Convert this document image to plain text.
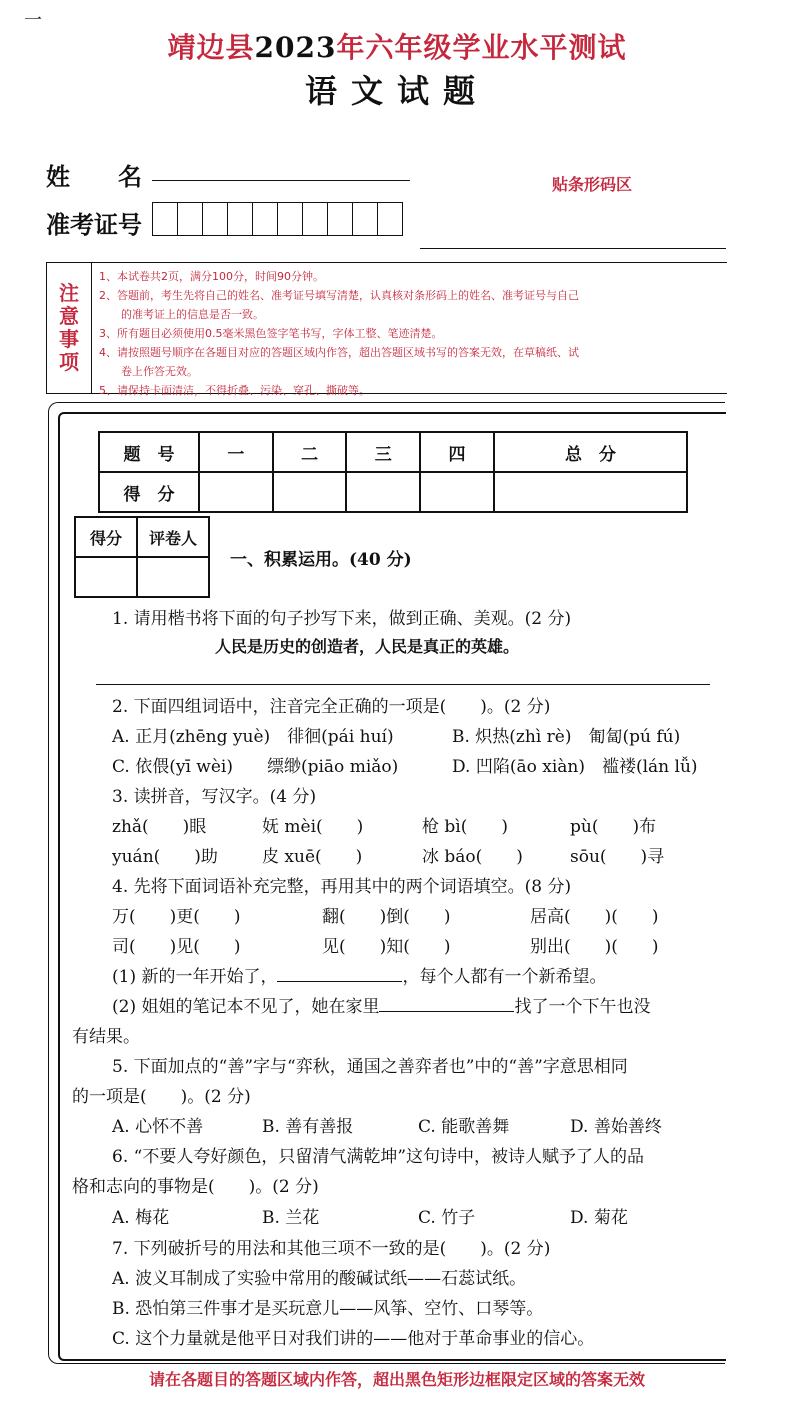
一
靖边县2023年六年级学业水平测试
语文试题
姓　　名
准考证号
贴条形码区
注
意
事
项
1、本试卷共2页，满分100分，时间90分钟。
2、答题前，考生先将自己的姓名、准考证号填写清楚，认真核对条形码上的姓名、准考证号与自己
　　的准考证上的信息是否一致。
3、所有题目必须使用0.5毫米黑色签字笔书写，字体工整、笔迹清楚。
4、请按照题号顺序在各题目对应的答题区域内作答，超出答题区域书写的答案无效，在草稿纸、试
　　卷上作答无效。
5、请保持卡面清洁，不得折叠、污染、穿孔、撕破等。
题　号	一	二	三	四	总　分
得　分					
得分	评卷人

一、积累运用。(40 分)
1. 请用楷书将下面的句子抄写下来，做到正确、美观。(2 分)
人民是历史的创造者，人民是真正的英雄。
2. 下面四组词语中，注音完全正确的一项是(　　)。(2 分)
A. 正月(zhēng yuè)　徘徊(pái huí)	B. 炽热(zhì rè)　匍匐(pú fú)
C. 依偎(yī wèi)　　缥缈(piāo miǎo)	D. 凹陷(āo xiàn)　褴褛(lán lǚ)
3. 读拼音，写汉字。(4 分)
zhǎ(　　)眼	妩 mèi(　　)	枪 bì(　　)	pù(　　)布
yuán(　　)助	皮 xuē(　　)	冰 báo(　　)	sōu(　　)寻
4. 先将下面词语补充完整，再用其中的两个词语填空。(8 分)
万(　　)更(　　)	翻(　　)倒(　　)	居高(　　)(　　)
司(　　)见(　　)	见(　　)知(　　)	别出(　　)(　　)
(1) 新的一年开始了，	，每个人都有一个新希望。
(2) 姐姐的笔记本不见了，她在家里	找了一个下午也没
有结果。
5. 下面加点的“善”字与“弈秋，通国之善弈者也”中的“善”字意思相同
的一项是(　　)。(2 分)
A. 心怀不善	B. 善有善报	C. 能歌善舞	D. 善始善终
6. “不要人夸好颜色，只留清气满乾坤”这句诗中，被诗人赋予了人的品
格和志向的事物是(　　)。(2 分)
A. 梅花	B. 兰花	C. 竹子	D. 菊花
7. 下列破折号的用法和其他三项不一致的是(　　)。(2 分)
A. 波义耳制成了实验中常用的酸碱试纸——石蕊试纸。
B. 恐怕第三件事才是买玩意儿——风筝、空竹、口琴等。
C. 这个力量就是他平日对我们讲的——他对于革命事业的信心。
请在各题目的答题区域内作答，超出黑色矩形边框限定区域的答案无效
